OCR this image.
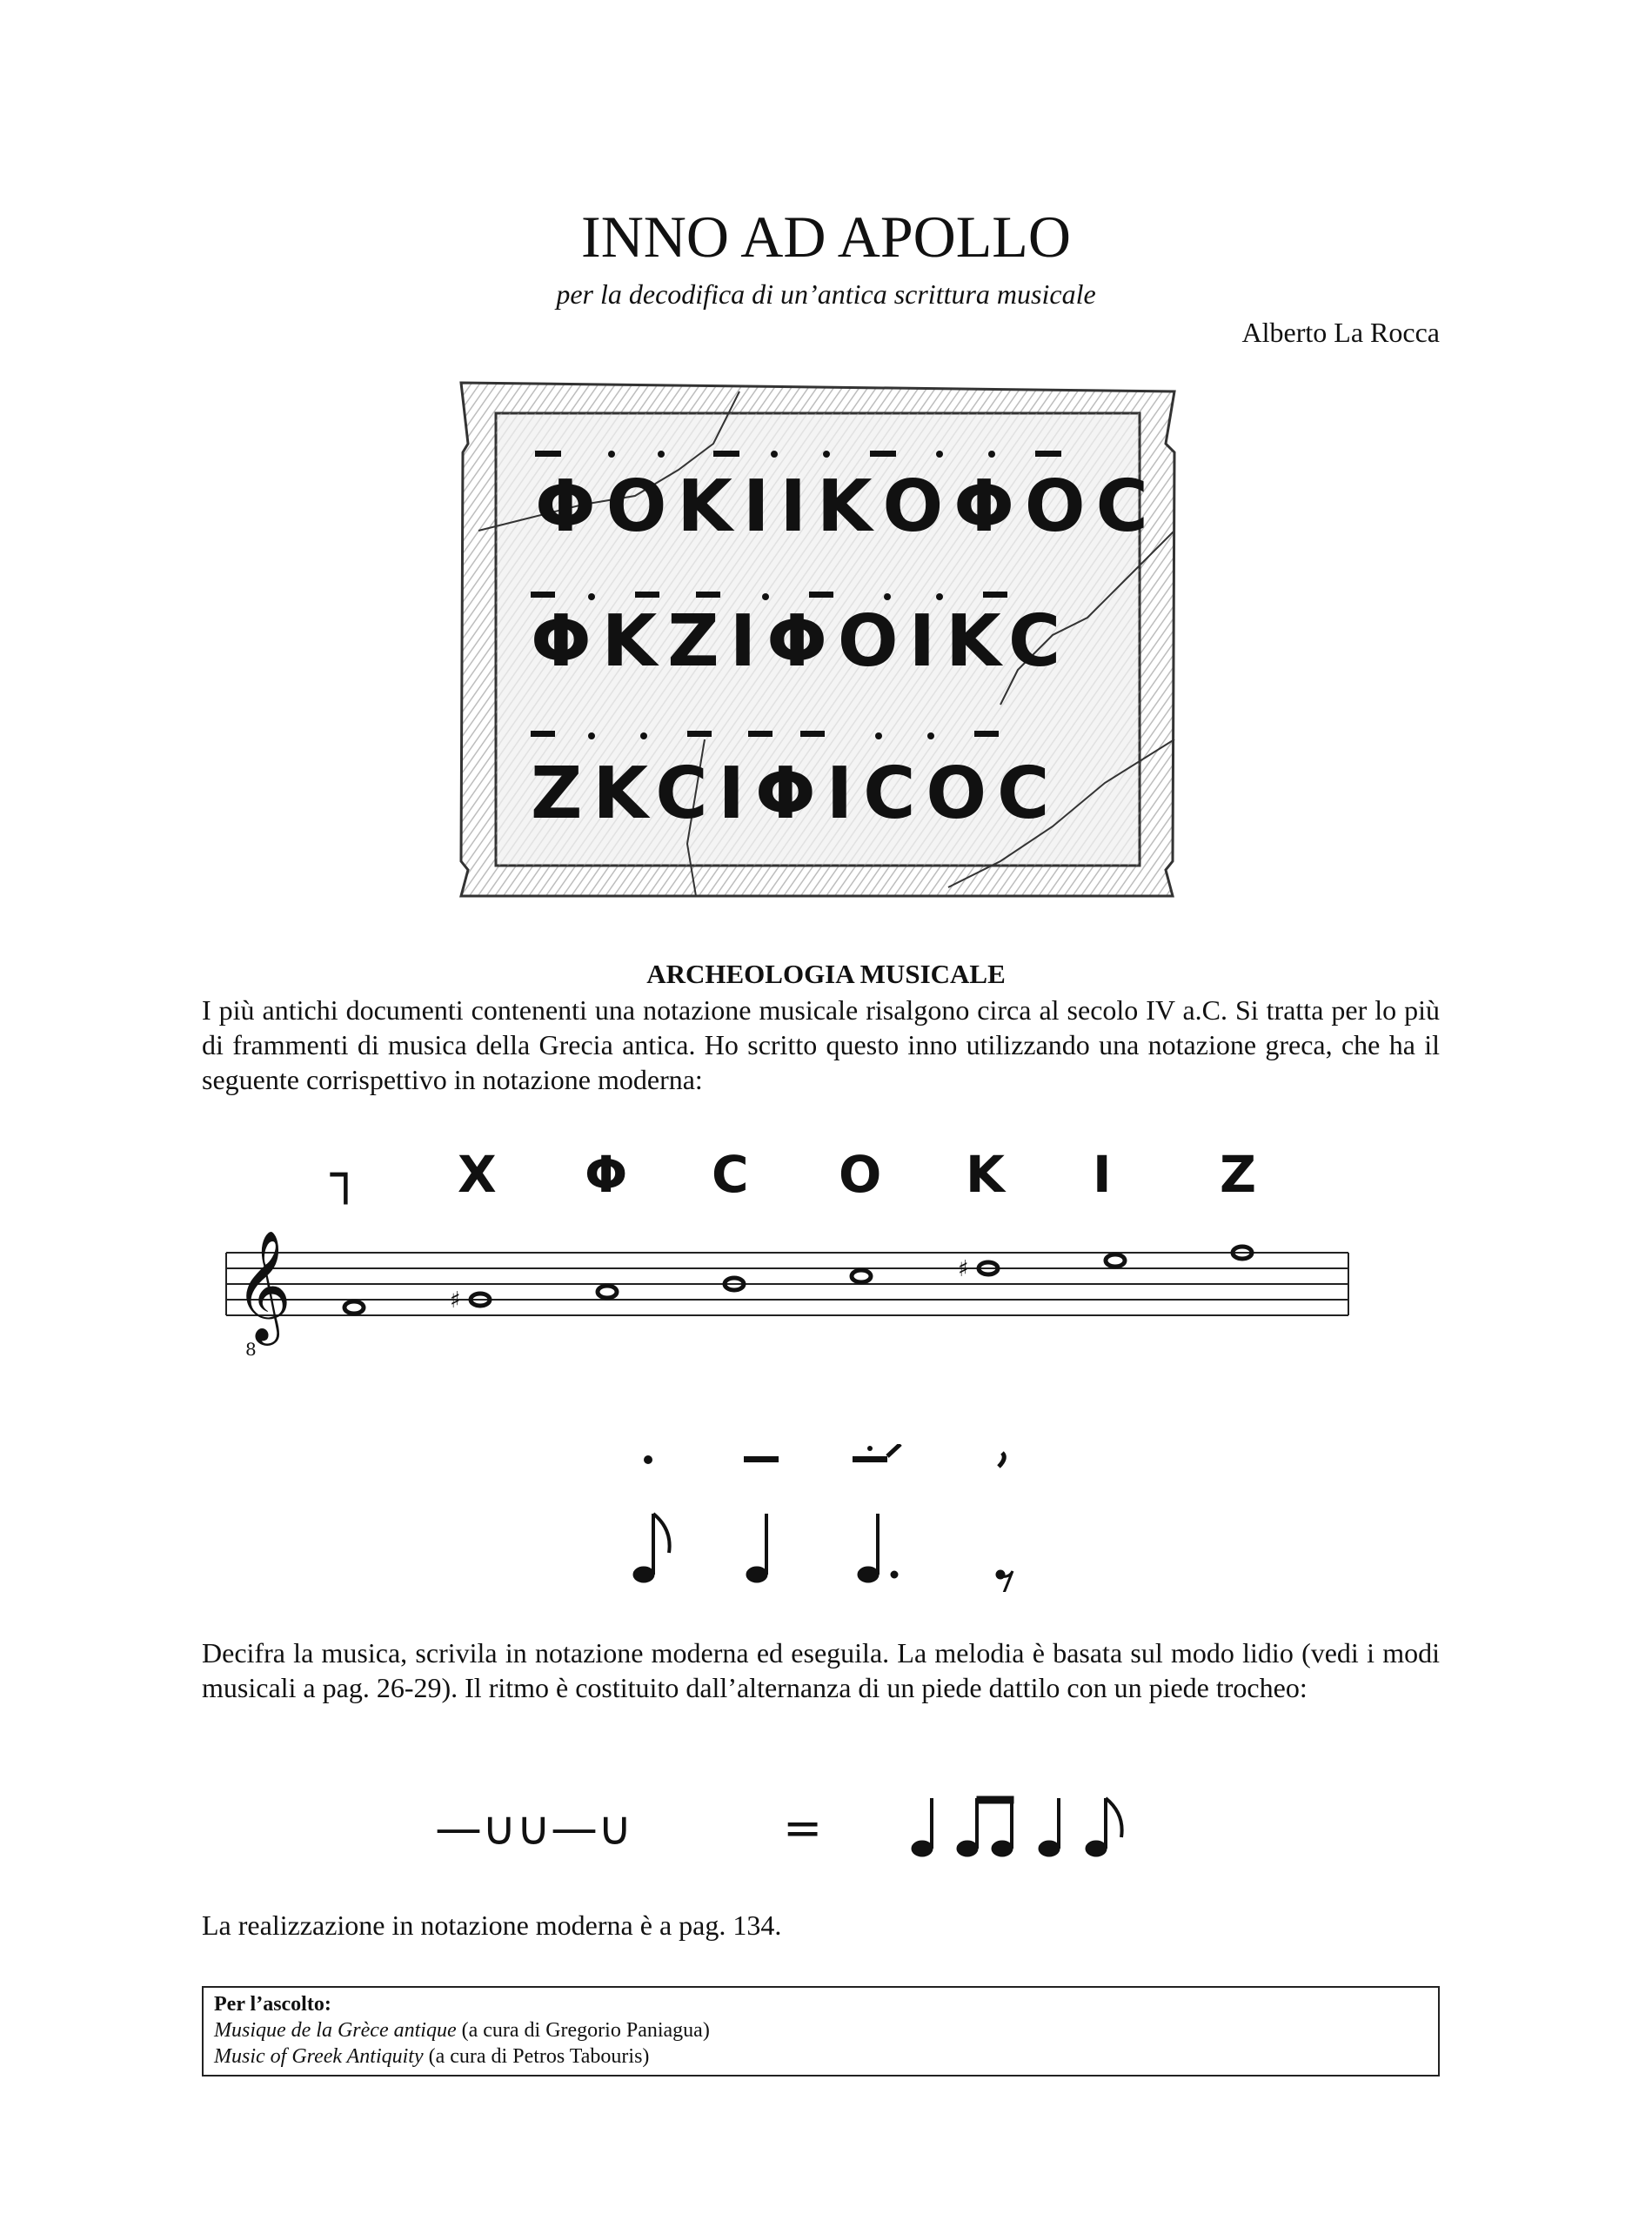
INNO AD APOLLO
per la decodifica di un’antica scrittura musicale
Alberto La Rocca
ΦΟKΙΙKΟΦΟC
ΦKZΙΦΟΙKC
ZKCΙΦΙCΟC
ARCHEOLOGIA MUSICALE
I più antichi documenti contenenti una notazione musicale risalgono circa al secolo IV a.C. Si tratta per lo più di frammenti di musica della Grecia antica. Ho scritto questo inno utilizzando una notazione greca, che ha il seguente corrispettivo in notazione moderna:
┐ X Φ C O K I Z
𝄞
8
♯
♯
Decifra la musica, scrivila in notazione moderna ed eseguila. La melodia è basata sul modo lidio (vedi i modi musicali a pag. 26-29). Il ritmo è costituito dall’alternanza di un piede dattilo con un piede trocheo:
—∪∪—∪	=
La realizzazione in notazione moderna è a pag. 134.
Per l’ascolto:
Musique de la Grèce antique (a cura di Gregorio Paniagua)
Music of Greek Antiquity (a cura di Petros Tabouris)
